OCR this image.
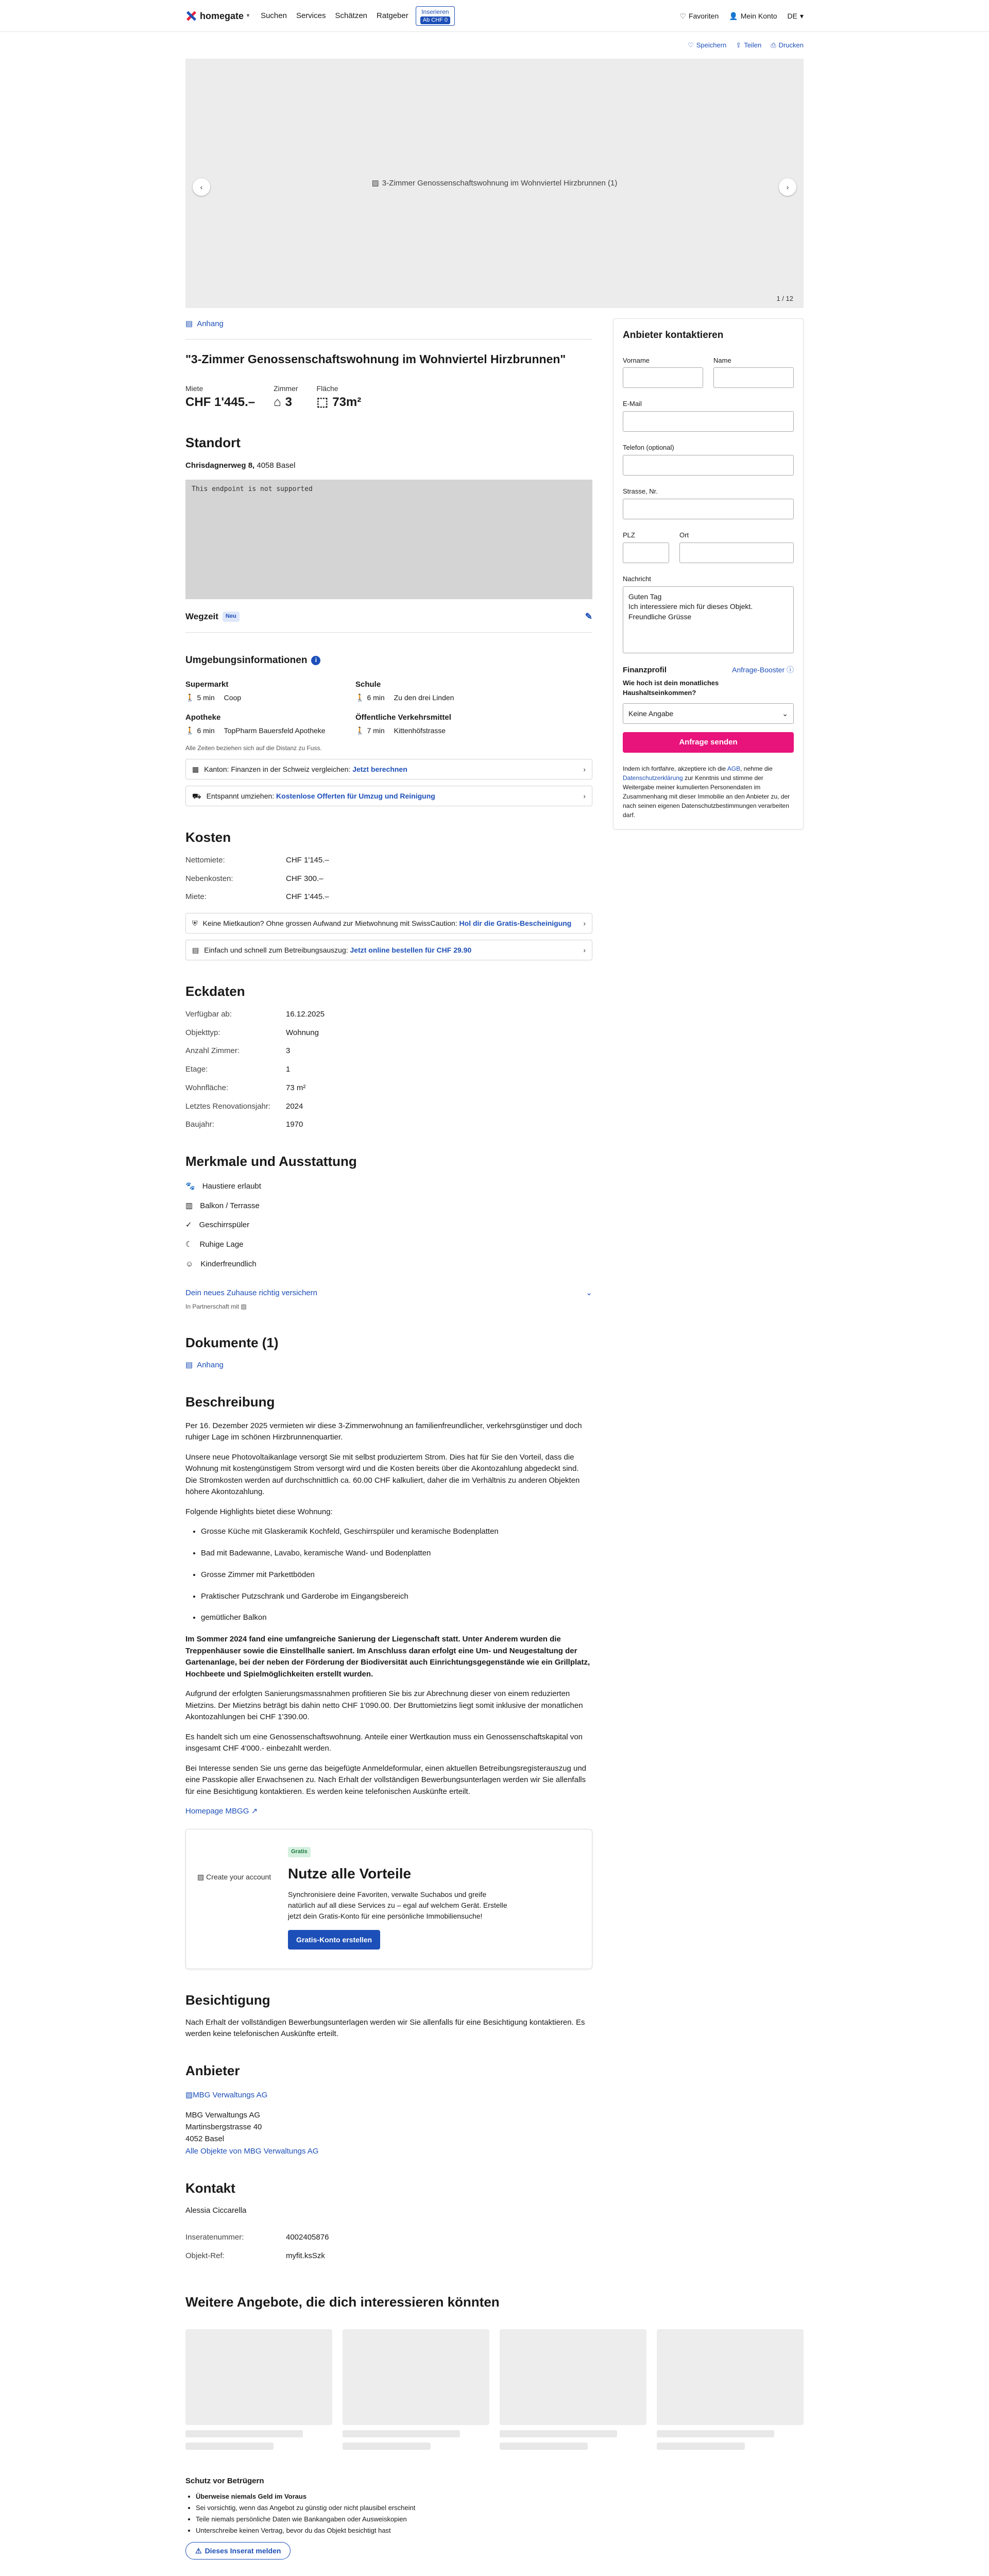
homegate ▾ Suchen Services Schätzen Ratgeber Inserieren
Ab CHF 0
♡ Favoriten 👤 Mein Konto DE ▾
♡ Speichern ⇪ Teilen ⎙ Drucken
▨ 3-Zimmer Genossenschaftswohnung im Wohnviertel Hirzbrunnen (1)
‹	›
1 / 12
▤ Anhang
"3-Zimmer Genossenschaftswohnung im Wohnviertel Hirzbrunnen"
Miete
CHF 1'445.–
Zimmer
⌂ 3
Fläche
⬚ 73m²
Standort
Chrisdagnerweg 8, 4058 Basel
This endpoint is not supported
Wegzeit	Neu	✎
Umgebungsinformationen	i
Supermarkt
🚶 5 min Coop
Schule
🚶 6 min Zu den drei Linden
Apotheke
🚶 6 min TopPharm Bauersfeld Apotheke
Öffentliche Verkehrsmittel
🚶 7 min Kittenhöfstrasse
Alle Zeiten beziehen sich auf die Distanz zu Fuss.
▦ Kanton: Finanzen in der Schweiz vergleichen: Jetzt berechnen	›
⛟ Entspannt umziehen: Kostenlose Offerten für Umzug und Reinigung	›
Kosten
Nettomiete:	CHF 1'145.–
Nebenkosten:	CHF 300.–
Miete:	CHF 1'445.–
⛨ Keine Mietkaution? Ohne grossen Aufwand zur Mietwohnung mit SwissCaution: Hol dir die Gratis-Bescheinigung ›
▤ Einfach und schnell zum Betreibungsauszug: Jetzt online bestellen für CHF 29.90	›
Eckdaten
Verfügbar ab:	16.12.2025
Objekttyp:	Wohnung
Anzahl Zimmer:	3
Etage:	1
Wohnfläche:	73 m²
Letztes Renovationsjahr:	2024
Baujahr:	1970
Merkmale und Ausstattung
🐾 Haustiere erlaubt
▥ Balkon / Terrasse
✓ Geschirrspüler
☾ Ruhige Lage
☺ Kinderfreundlich
Dein neues Zuhause richtig versichern	⌄
In Partnerschaft mit ▨
Dokumente (1)
▤ Anhang
Beschreibung

Per 16. Dezember 2025 vermieten wir diese 3-Zimmerwohnung an familienfreundlicher, verkehrsgünstiger und doch ruhiger Lage im schönen Hirzbrunnenquartier.

Unsere neue Photovoltaikanlage versorgt Sie mit selbst produziertem Strom. Dies hat für Sie den Vorteil, dass die Wohnung mit kostengünstigem Strom versorgt wird und die Kosten bereits über die Akontozahlung abgedeckt sind. Die Stromkosten werden auf durchschnittlich ca. 60.00 CHF kalkuliert, daher die im Verhältnis zu anderen Objekten höhere Akontozahlung.

Folgende Highlights bietet diese Wohnung:

• Grosse Küche mit Glaskeramik Kochfeld, Geschirrspüler und keramische Bodenplatten
• Bad mit Badewanne, Lavabo, keramische Wand- und Bodenplatten
• Grosse Zimmer mit Parkettböden
• Praktischer Putzschrank und Garderobe im Eingangsbereich
• gemütlicher Balkon

Im Sommer 2024 fand eine umfangreiche Sanierung der Liegenschaft statt. Unter Anderem wurden die Treppenhäuser sowie die Einstellhalle saniert. Im Anschluss daran erfolgt eine Um- und Neugestaltung der Gartenanlage, bei der neben der Förderung der Biodiversität auch Einrichtungsgegenstände wie ein Grillplatz, Hochbeete und Spielmöglichkeiten erstellt wurden.

Aufgrund der erfolgten Sanierungsmassnahmen profitieren Sie bis zur Abrechnung dieser von einem reduzierten Mietzins. Der Mietzins beträgt bis dahin netto CHF 1'090.00. Der Bruttomietzins liegt somit inklusive der monatlichen Akontozahlungen bei CHF 1'390.00.

Es handelt sich um eine Genossenschaftswohnung. Anteile einer Wertkaution muss ein Genossenschaftskapital von insgesamt CHF 4'000.- einbezahlt werden.

Bei Interesse senden Sie uns gerne das beigefügte Anmeldeformular, einen aktuellen Betreibungsregisterauszug und eine Passkopie aller Erwachsenen zu. Nach Erhalt der vollständigen Bewerbungsunterlagen werden wir Sie allenfalls für eine Besichtigung kontaktieren. Es werden keine telefonischen Auskünfte erteilt.

Homepage MBGG ↗

▨ Create your account
Gratis
Nutze alle Vorteile

Synchronisiere deine Favoriten, verwalte Suchabos und greife natürlich auf all diese Services zu – egal auf welchem Gerät. Erstelle jetzt dein Gratis-Konto für eine persönliche Immobiliensuche!

Gratis-Konto erstellen
Besichtigung

Nach Erhalt der vollständigen Bewerbungsunterlagen werden wir Sie allenfalls für eine Besichtigung kontaktieren. Es werden keine telefonischen Auskünfte erteilt.

Anbieter
▨MBG Verwaltungs AG
MBG Verwaltungs AG
Martinsbergstrasse 40
4052 Basel
Alle Objekte von MBG Verwaltungs AG
Kontakt
Alessia Ciccarella
Inseratenummer:	4002405876
Objekt-Ref:	myfit.ksSzk
Anbieter kontaktieren
Vorname	Name
E-Mail
Telefon (optional)
Strasse, Nr.
PLZ	Ort
Nachricht
Guten Tag
Ich interessiere mich für dieses Objekt.
Freundliche Grüsse
Finanzprofil	Anfrage-Booster ⓘ
Wie hoch ist dein monatliches Haushaltseinkommen?
Keine Angabe	⌄
Anfrage senden
Indem ich fortfahre, akzeptiere ich die AGB, nehme die Datenschutzerklärung zur Kenntnis und stimme der Weitergabe meiner kumulierten Personendaten im Zusammenhang mit dieser Immobilie an den Anbieter zu, der nach seinen eigenen Datenschutzbestimmungen verarbeiten darf.
Weitere Angebote, die dich interessieren könnten
Schutz vor Betrügern
• Überweise niemals Geld im Voraus
• Sei vorsichtig, wenn das Angebot zu günstig oder nicht plausibel erscheint
• Teile niemals persönliche Daten wie Bankangaben oder Ausweiskopien
• Unterschreibe keinen Vertrag, bevor du das Objekt besichtigt hast
⚠ Dieses Inserat melden
